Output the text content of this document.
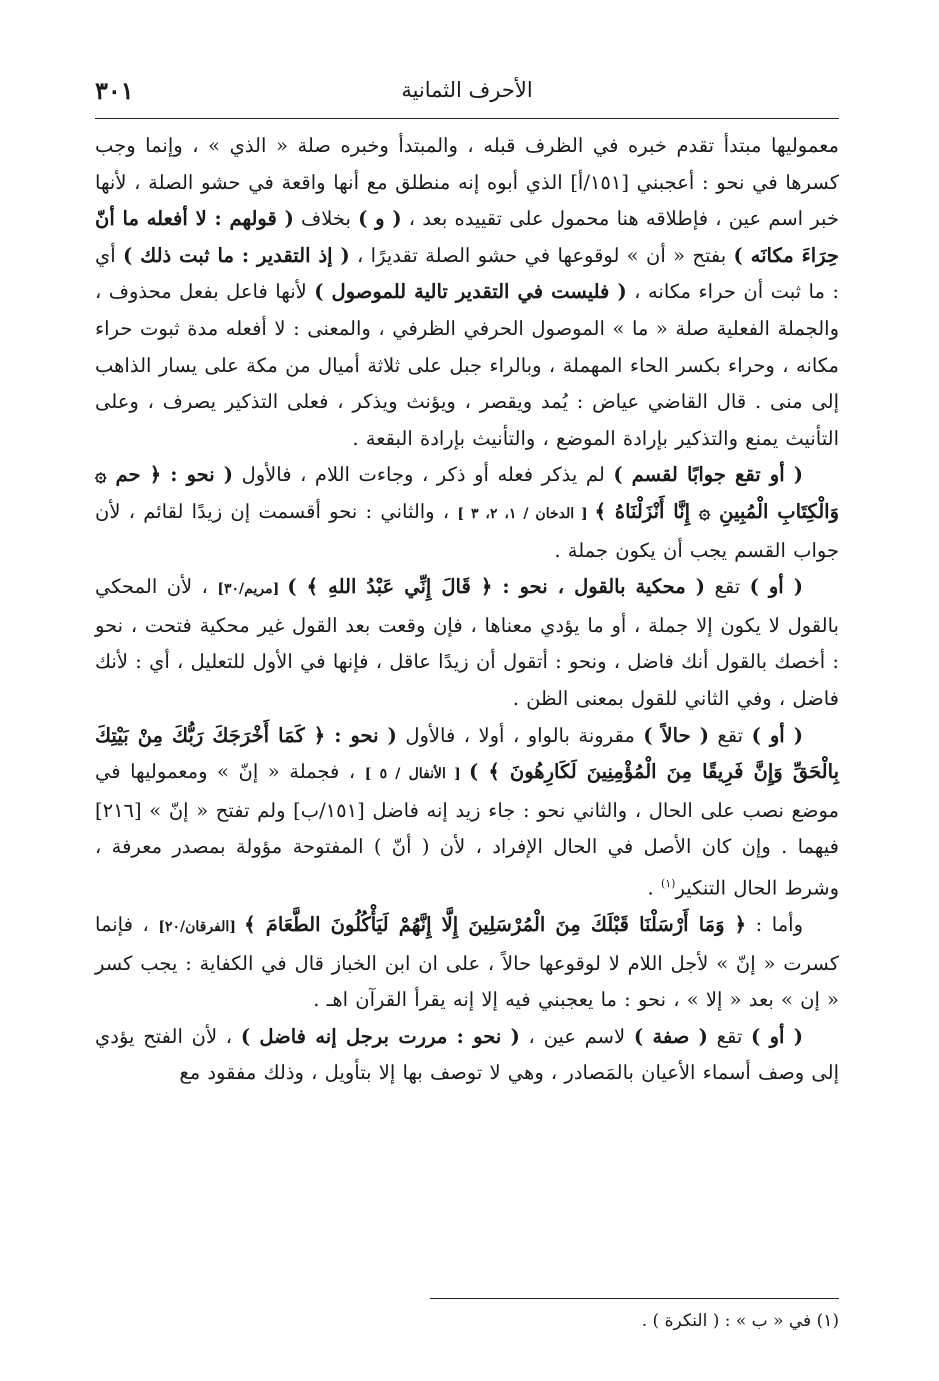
الأحرف الثمانية
٣٠١

معموليها مبتدأ تقدم خبره في الظرف قبله ، والمبتدأ وخبره صلة « الذي » ، وإنما وجب كسرها في نحو : أعجبني [١٥١/أ] الذي أبوه إنه منطلق مع أنها واقعة في حشو الصلة ، لأنها خبر اسم عين ، فإطلاقه هنا محمول على تقييده بعد ، ( و ) بخلاف ( قولهم : لا أفعله ما أنّ حِرَاءَ مكانَه ) بفتح « أن » لوقوعها في حشو الصلة تقديرًا ، ( إذ التقدير : ما ثبت ذلك ) أي : ما ثبت أن حراء مكانه ، ( فليست في التقدير تالية للموصول ) لأنها فاعل بفعل محذوف ، والجملة الفعلية صلة « ما » الموصول الحرفي الظرفي ، والمعنى : لا أفعله مدة ثبوت حراء مكانه ، وحراء بكسر الحاء المهملة ، وبالراء جبل على ثلاثة أميال من مكة على يسار الذاهب إلى منى . قال القاضي عياض : يُمد ويقصر ، ويؤنث ويذكر ، فعلى التذكير يصرف ، وعلى التأنيث يمنع والتذكير بإرادة الموضع ، والتأنيث بإرادة البقعة .

( أو تقع جوابًا لقسم ) لم يذكر فعله أو ذكر ، وجاءت اللام ، فالأول ( نحو : ﴿ حم ۞ وَالْكِتَابِ الْمُبِينِ ۞ إِنَّا أَنْزَلْنَاهُ ﴾ [ الدخان / ١، ٢، ٣ ] ، والثاني : نحو أقسمت إن زيدًا لقائم ، لأن جواب القسم يجب أن يكون جملة .

( أو ) تقع ( محكية بالقول ، نحو : ﴿ قَالَ إِنِّي عَبْدُ اللهِ ﴾ ) [مريم/٣٠] ، لأن المحكي بالقول لا يكون إلا جملة ، أو ما يؤدي معناها ، فإن وقعت بعد القول غير محكية فتحت ، نحو : أخصك بالقول أنك فاضل ، ونحو : أتقول أن زيدًا عاقل ، فإنها في الأول للتعليل ، أي : لأنك فاضل ، وفي الثاني للقول بمعنى الظن .

( أو ) تقع ( حالاً ) مقرونة بالواو ، أولا ، فالأول ( نحو : ﴿ كَمَا أَخْرَجَكَ رَبُّكَ مِنْ بَيْتِكَ بِالْحَقِّ وَإِنَّ فَرِيقًا مِنَ الْمُؤْمِنِينَ لَكَارِهُونَ ﴾ ) [ الأنفال / ٥ ] ، فجملة « إنّ » ومعموليها في موضع نصب على الحال ، والثاني نحو : جاء زيد إنه فاضل [١٥١/ب] ولم تفتح « إنّ » [٢١٦] فيهما . وإن كان الأصل في الحال الإفراد ، لأن ( أنّ ) المفتوحة مؤولة بمصدر معرفة ، وشرط الحال التنكير$^{(١)}$ .

وأما : ﴿ وَمَا أَرْسَلْنَا قَبْلَكَ مِنَ الْمُرْسَلِينَ إِلَّا إِنَّهُمْ لَيَأْكُلُونَ الطَّعَامَ ﴾ [الفرقان/٢٠] ، فإنما كسرت « إنّ » لأجل اللام لا لوقوعها حالاً ، على ان ابن الخباز قال في الكفاية : يجب كسر « إن » بعد « إلا » ، نحو : ما يعجبني فيه إلا إنه يقرأ القرآن اهـ .

( أو ) تقع ( صفة ) لاسم عين ، ( نحو : مررت برجل إنه فاضل ) ، لأن الفتح يؤدي إلى وصف أسماء الأعيان بالمَصادر ، وهي لا توصف بها إلا بتأويل ، وذلك مفقود مع

(١) في « ب » : ( النكرة ) .
